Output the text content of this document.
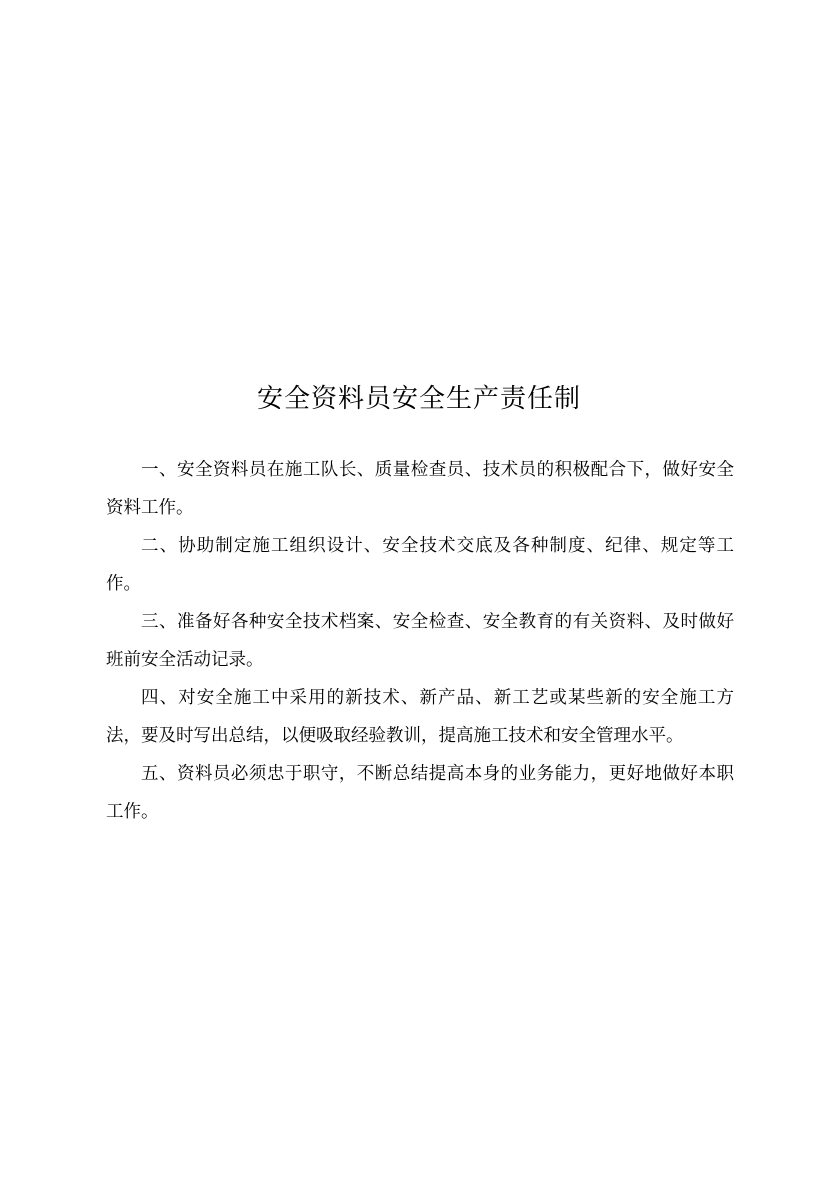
安全资料员安全生产责任制

一、安全资料员在施工队长、质量检查员、技术员的积极配合下，做好安全资料工作。

二、协助制定施工组织设计、安全技术交底及各种制度、纪律、规定等工作。

三、准备好各种安全技术档案、安全检查、安全教育的有关资料、及时做好班前安全活动记录。

四、对安全施工中采用的新技术、新产品、新工艺或某些新的安全施工方法，要及时写出总结，以便吸取经验教训，提高施工技术和安全管理水平。

五、资料员必须忠于职守，不断总结提高本身的业务能力，更好地做好本职工作。
